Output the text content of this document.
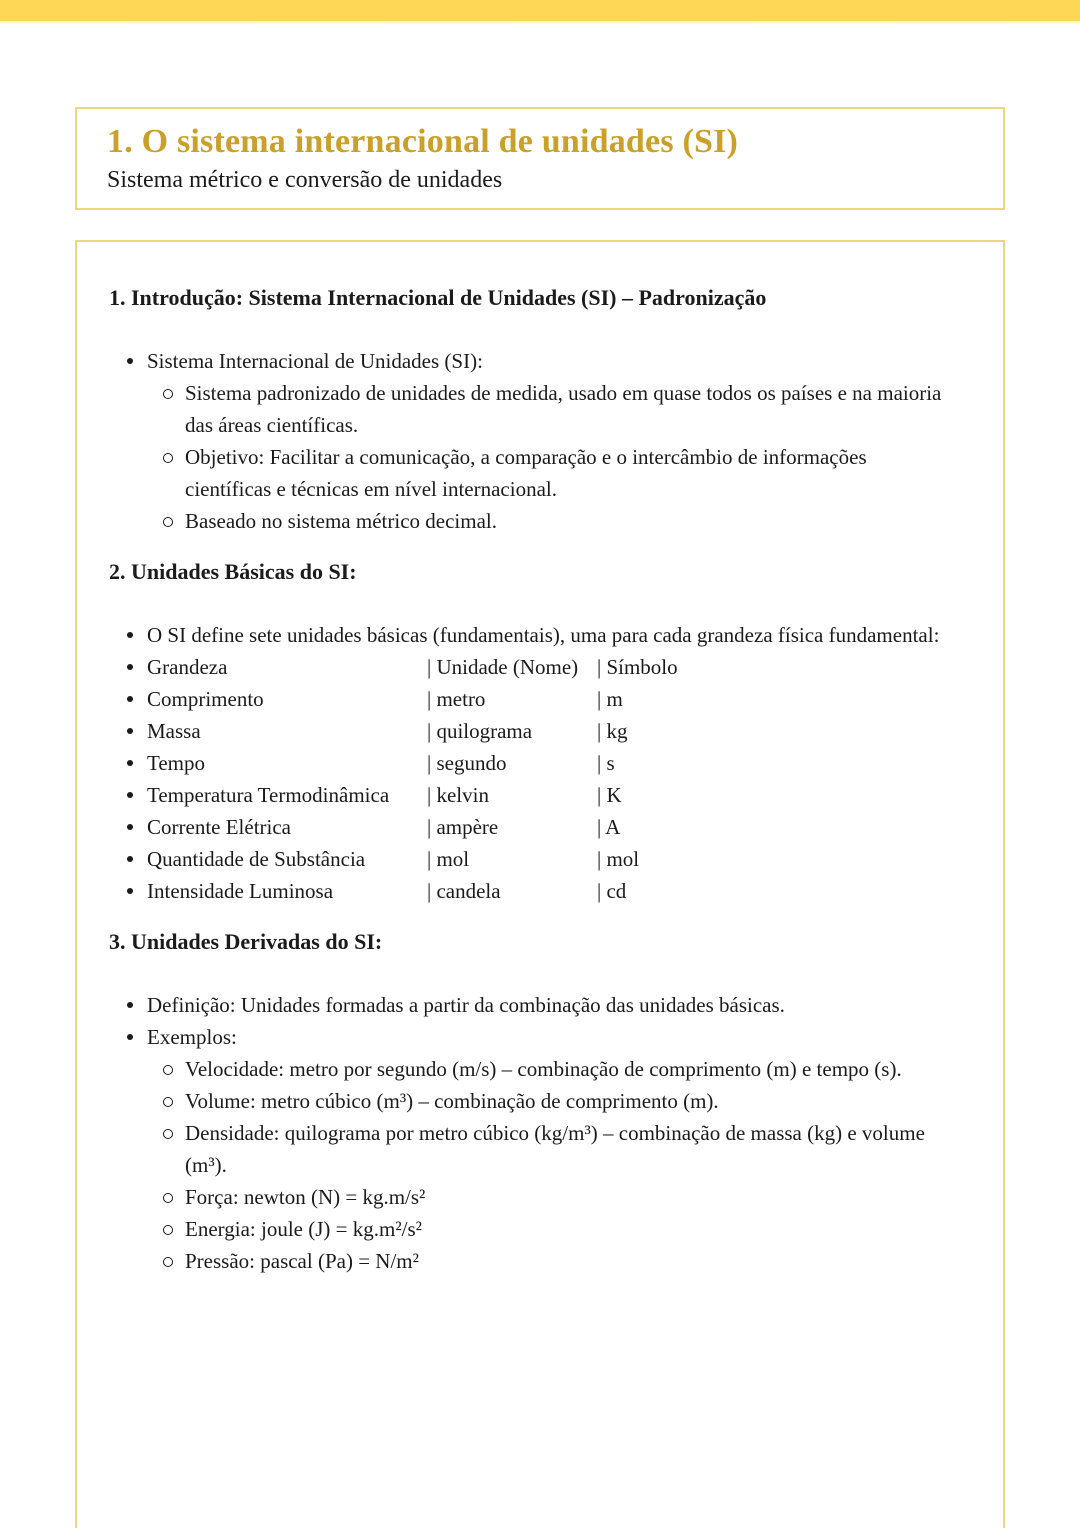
1. O sistema internacional de unidades (SI)

Sistema métrico e conversão de unidades

1. Introdução: Sistema Internacional de Unidades (SI) – Padronização
Sistema Internacional de Unidades (SI):
Sistema padronizado de unidades de medida, usado em quase todos os países e na maioria das áreas científicas.
Objetivo: Facilitar a comunicação, a comparação e o intercâmbio de informações científicas e técnicas em nível internacional.
Baseado no sistema métrico decimal.
2. Unidades Básicas do SI:
O SI define sete unidades básicas (fundamentais), uma para cada grandeza física fundamental:
Grandeza	| Unidade (Nome) | Símbolo
Comprimento	| metro	| m
Massa	| quilograma	| kg
Tempo	| segundo	| s
Temperatura Termodinâmica	| kelvin	| K
Corrente Elétrica	| ampère	| A
Quantidade de Substância	| mol	| mol
Intensidade Luminosa	| candela	| cd
3. Unidades Derivadas do SI:
Definição: Unidades formadas a partir da combinação das unidades básicas.
Exemplos:
Velocidade: metro por segundo (m/s) – combinação de comprimento (m) e tempo (s).
Volume: metro cúbico (m³) – combinação de comprimento (m).
Densidade: quilograma por metro cúbico (kg/m³) – combinação de massa (kg) e volume (m³).
Força: newton (N) = kg.m/s²
Energia: joule (J) = kg.m²/s²
Pressão: pascal (Pa) = N/m²
